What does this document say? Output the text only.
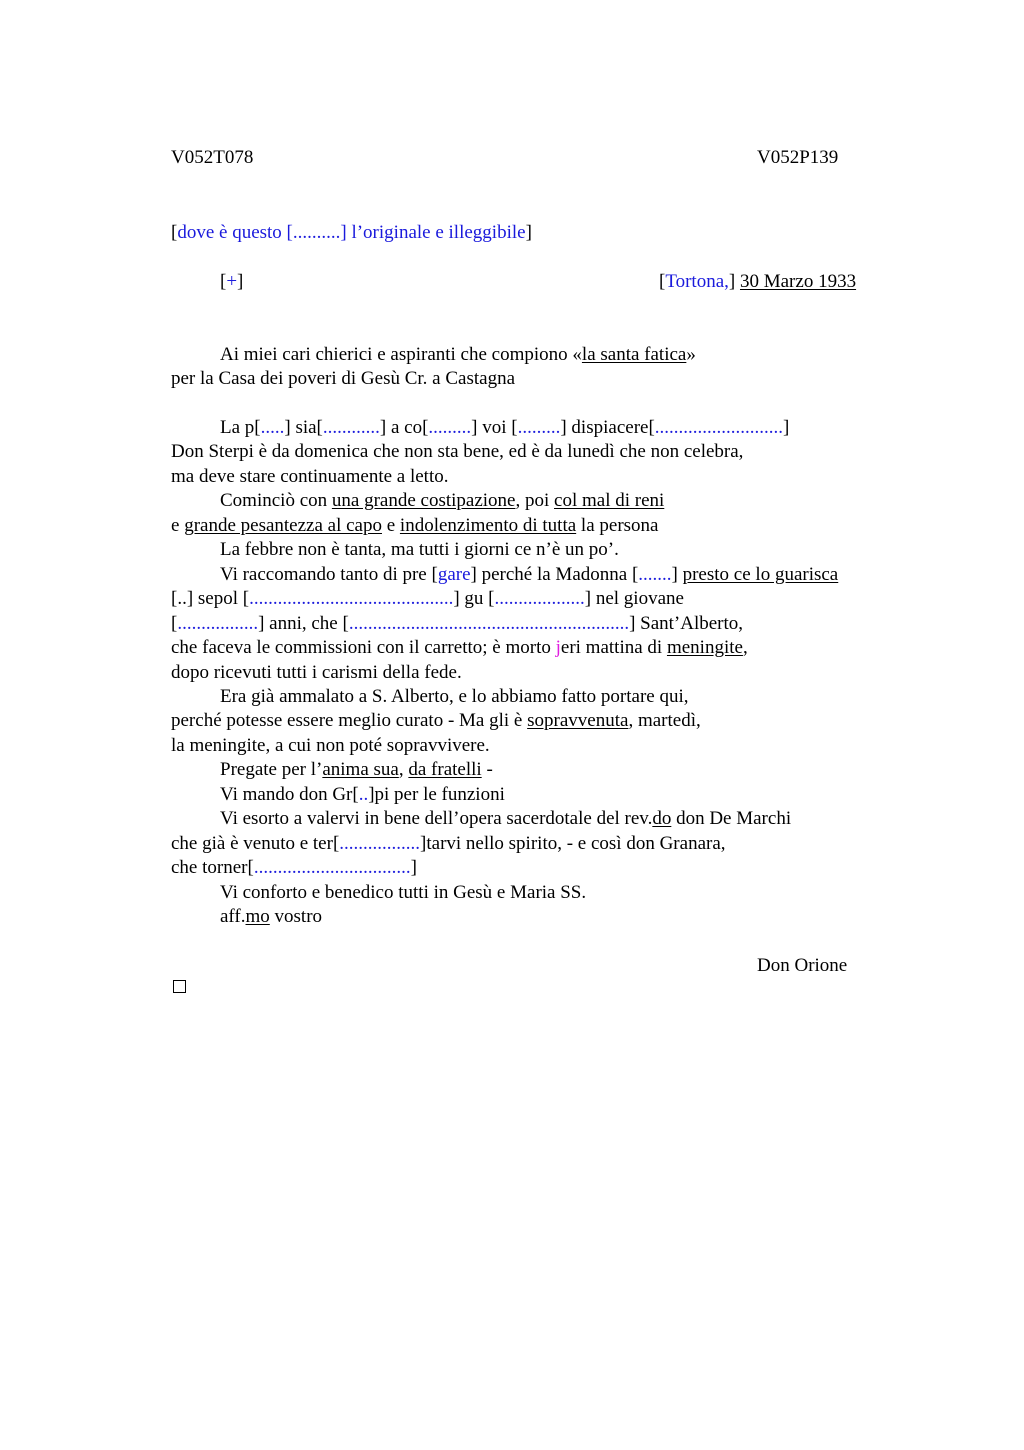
V052T078	V052P139
[dove è questo [..........] l’originale e illeggibile]
[+]	[Tortona,] 30 Marzo 1933
Ai miei cari chierici e aspiranti che compiono «la santa fatica»
per la Casa dei poveri di Gesù Cr. a Castagna
La p[.....] sia[............] a co[.........] voi [.........] dispiacere[...........................]
Don Sterpi è da domenica che non sta bene, ed è da lunedì che non celebra,
ma deve stare continuamente a letto.
Cominciò con una grande costipazione, poi col mal di reni
e grande pesantezza al capo e indolenzimento di tutta la persona
La febbre non è tanta, ma tutti i giorni ce n’è un po’.
Vi raccomando tanto di pre [gare] perché la Madonna [.......] presto ce lo guarisca
[..] sepol [...........................................] gu [...................] nel giovane
[.................] anni, che [...........................................................] Sant’Alberto,
che faceva le commissioni con il carretto; è morto jeri mattina di meningite,
dopo ricevuti tutti i carismi della fede.
Era già ammalato a S. Alberto, e lo abbiamo fatto portare qui,
perché potesse essere meglio curato - Ma gli è sopravvenuta, martedì,
la meningite, a cui non poté sopravvivere.
Pregate per l’anima sua, da fratelli -
Vi mando don Gr[..]pi per le funzioni
Vi esorto a valervi in bene dell’opera sacerdotale del rev.do don De Marchi
che già è venuto e ter[.................]tarvi nello spirito, - e così don Granara,
che torner[.................................]
Vi conforto e benedico tutti in Gesù e Maria SS.
aff.mo vostro
Don Orione
